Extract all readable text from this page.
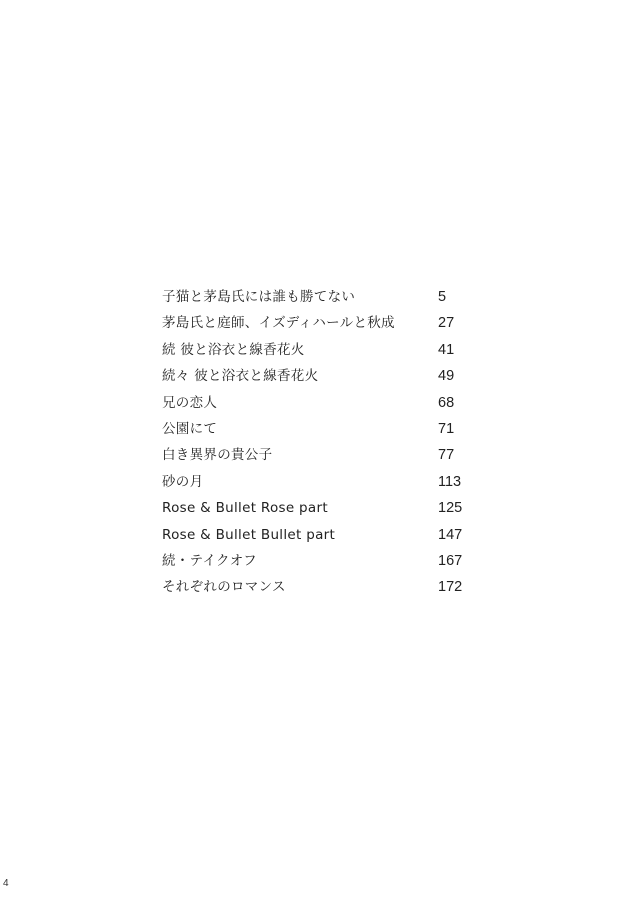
子猫と茅島氏には誰も勝てない	5
茅島氏と庭師、イズディハールと秋成	27
続 彼と浴衣と線香花火	41
続々 彼と浴衣と線香花火	49
兄の恋人	68
公園にて	71
白き異界の貴公子	77
砂の月	113
Rose & Bullet Rose part	125
Rose & Bullet Bullet part	147
続・テイクオフ	167
それぞれのロマンス	172
4
